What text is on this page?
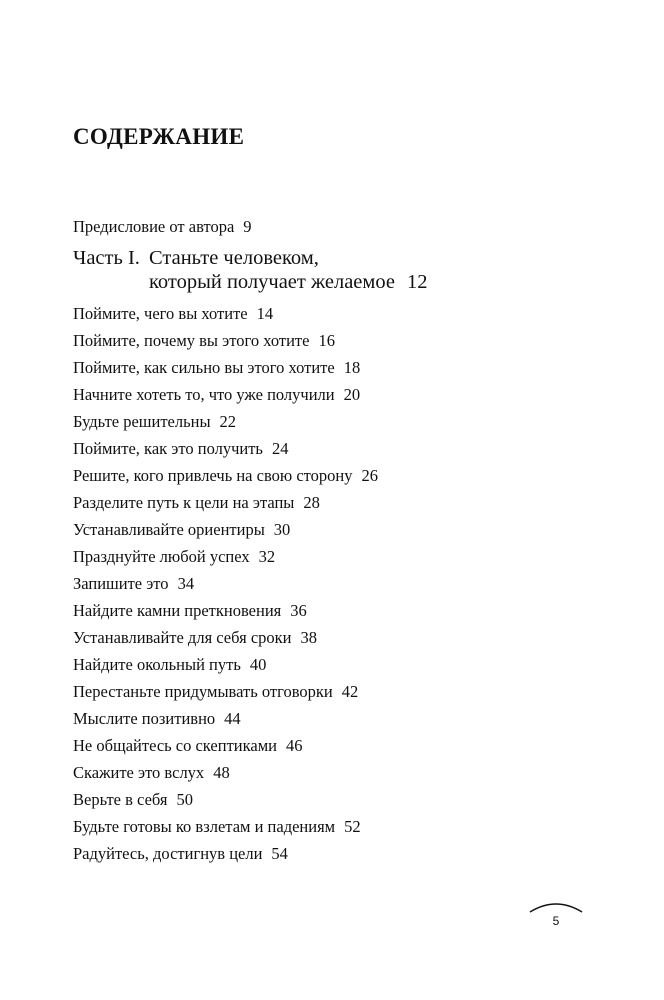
СОДЕРЖАНИЕ
Предисловие от автора 9
Часть I. Станьте человеком,
который получает желаемое 12
Поймите, чего вы хотите 14
Поймите, почему вы этого хотите 16
Поймите, как сильно вы этого хотите 18
Начните хотеть то, что уже получили 20
Будьте решительны 22
Поймите, как это получить 24
Решите, кого привлечь на свою сторону 26
Разделите путь к цели на этапы 28
Устанавливайте ориентиры 30
Празднуйте любой успех 32
Запишите это 34
Найдите камни преткновения 36
Устанавливайте для себя сроки 38
Найдите окольный путь 40
Перестаньте придумывать отговорки 42
Мыслите позитивно 44
Не общайтесь со скептиками 46
Скажите это вслух 48
Верьте в себя 50
Будьте готовы ко взлетам и падениям 52
Радуйтесь, достигнув цели 54
5
